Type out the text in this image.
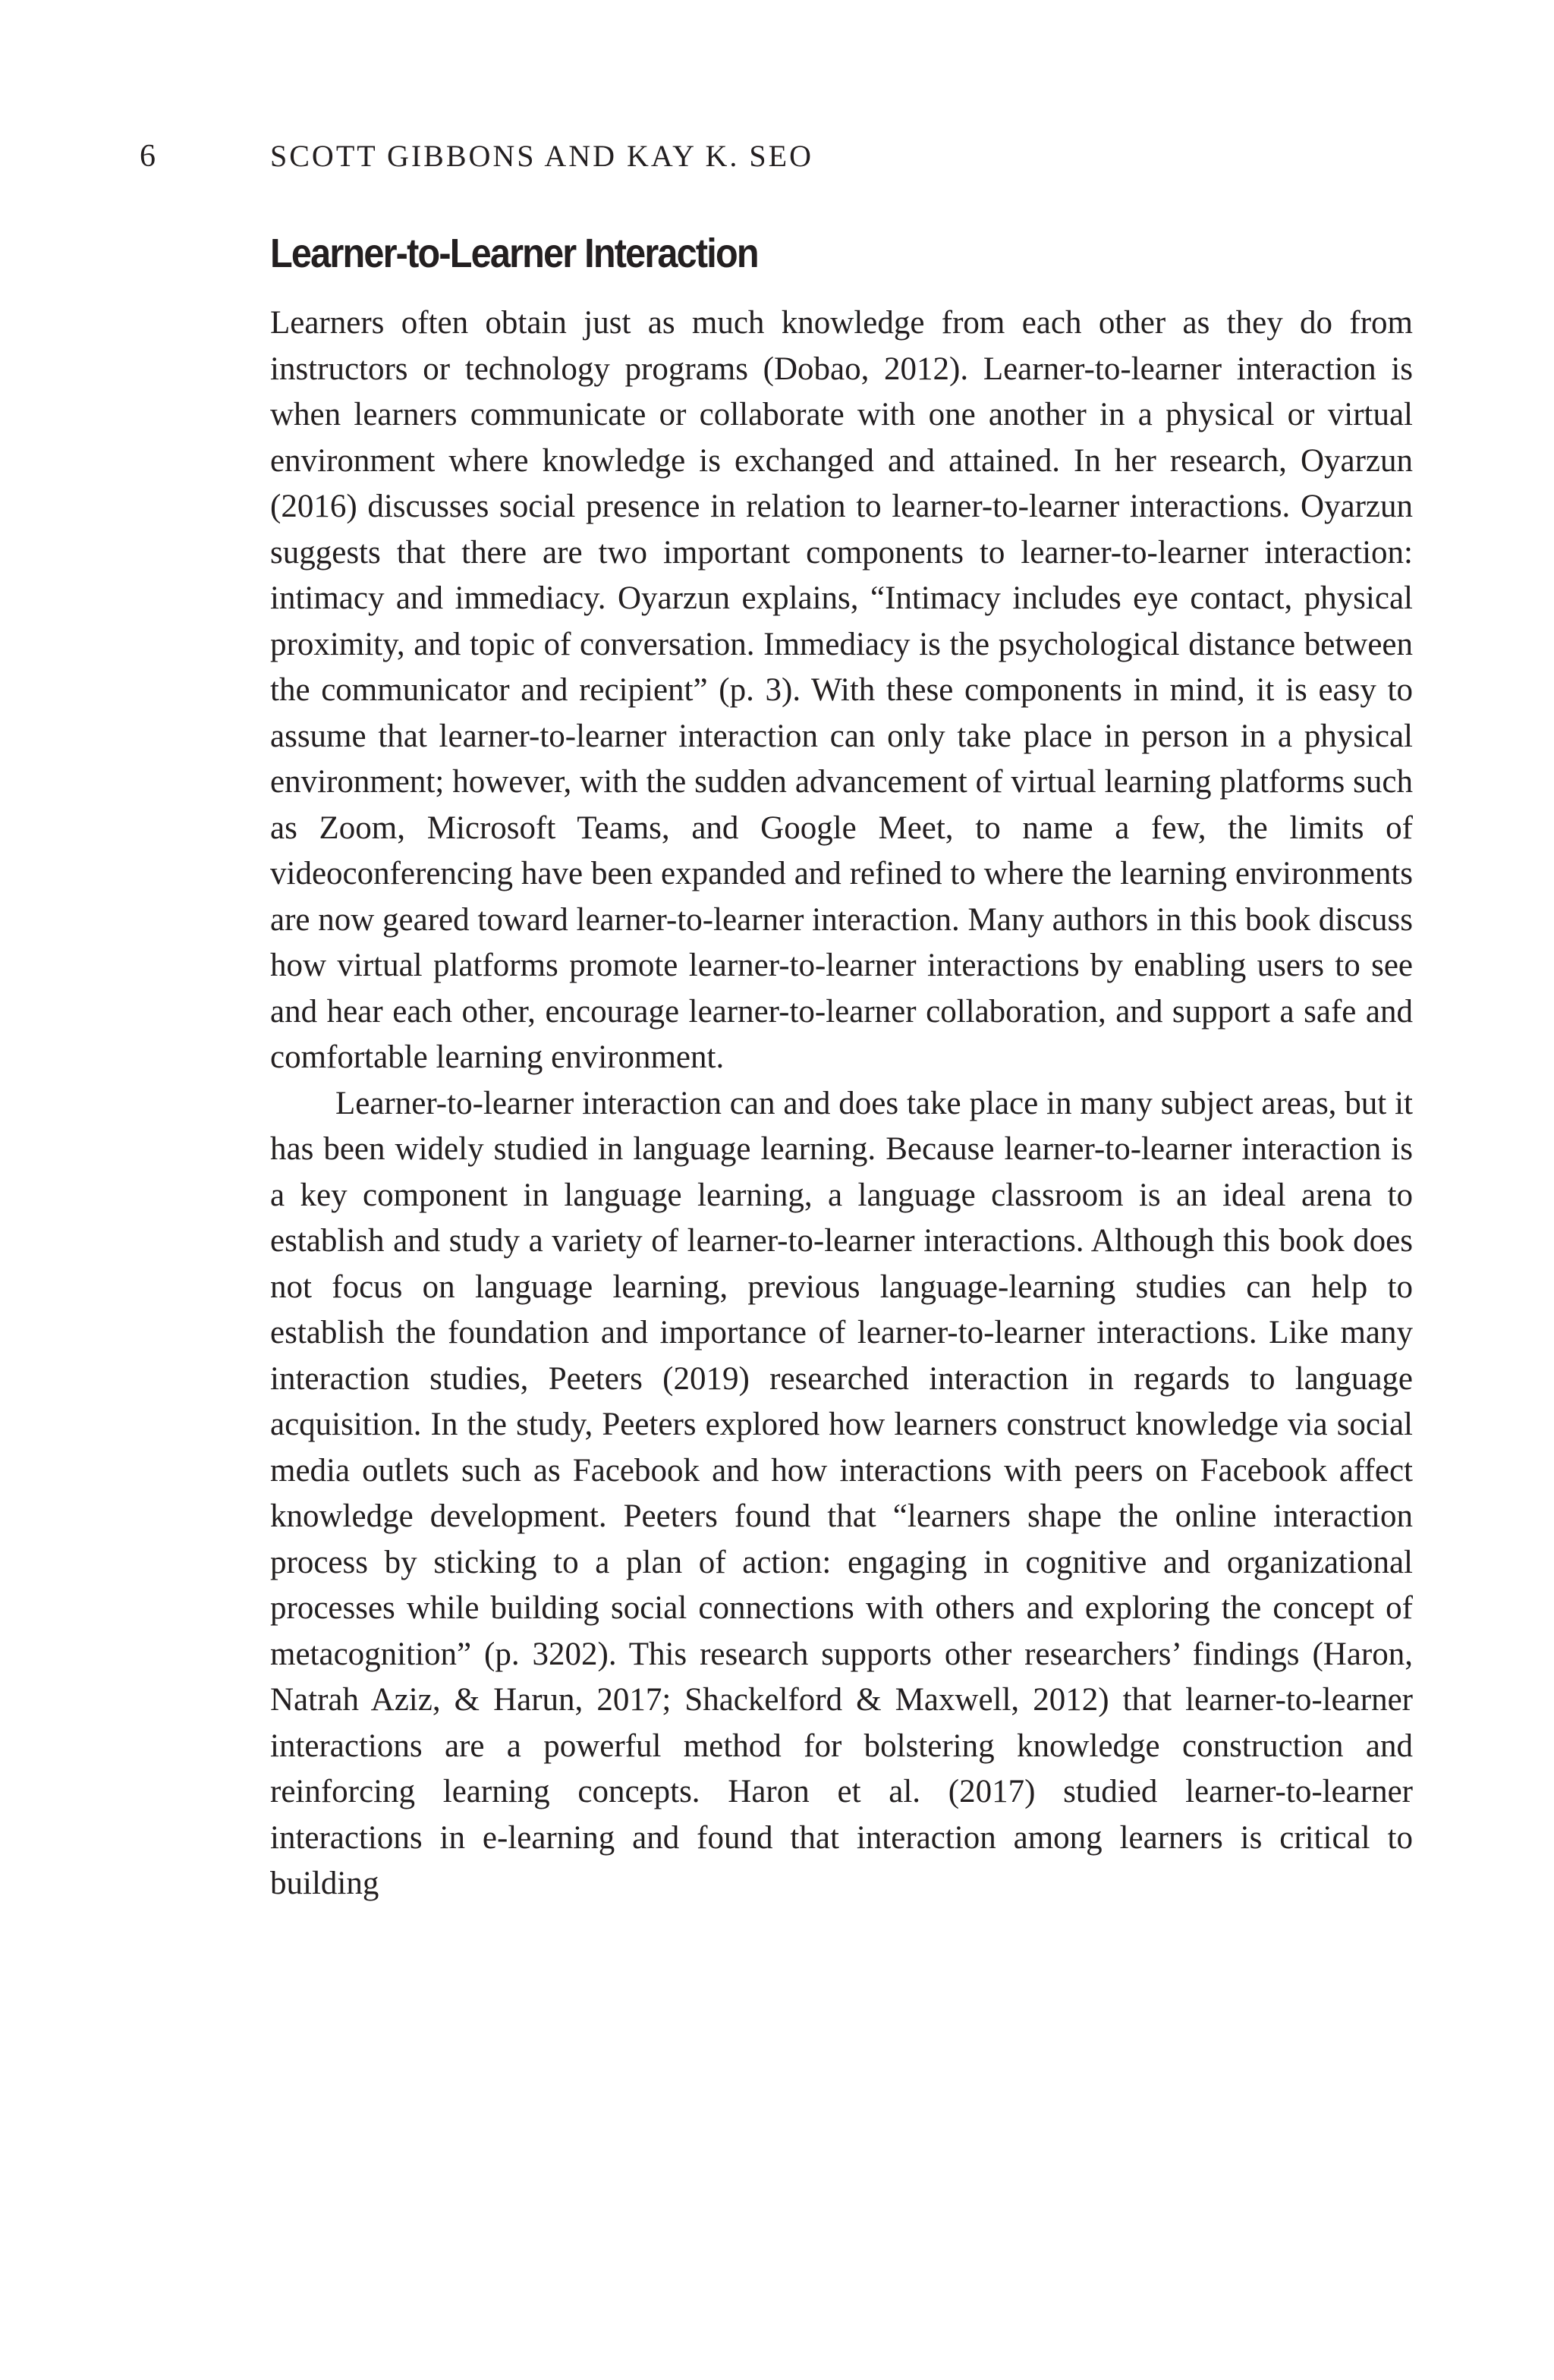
6	SCOTT GIBBONS AND KAY K. SEO
Learner-to-Learner Interaction

Learners often obtain just as much knowledge from each other as they do from instructors or technology programs (Dobao, 2012). Learner-to-learner interaction is when learners communicate or collaborate with one another in a physical or virtual environment where knowledge is exchanged and attained. In her research, Oyarzun (2016) discusses social presence in relation to learner-to-learner interactions. Oyarzun suggests that there are two important components to learner-to-learner interaction: intimacy and immediacy. Oyarzun explains, “Intimacy includes eye contact, physical proximity, and topic of conversation. Immediacy is the psychological distance between the communicator and recipient” (p. 3). With these components in mind, it is easy to assume that learner-to-learner interaction can only take place in person in a physical environment; however, with the sudden advancement of virtual learning platforms such as Zoom, Microsoft Teams, and Google Meet, to name a few, the limits of videoconferencing have been expanded and refined to where the learning environments are now geared toward learner-to-learner interaction. Many authors in this book discuss how virtual platforms promote learner-to-learner interactions by enabling users to see and hear each other, encourage learner-to-learner collaboration, and support a safe and comfortable learning environment.

Learner-to-learner interaction can and does take place in many subject areas, but it has been widely studied in language learning. Because learner-to-learner interaction is a key component in language learning, a language classroom is an ideal arena to establish and study a variety of learner-to-learner interactions. Although this book does not focus on language learning, previous language-learning studies can help to establish the foundation and importance of learner-to-learner interactions. Like many interaction studies, Peeters (2019) researched interaction in regards to language acquisition. In the study, Peeters explored how learners construct knowledge via social media outlets such as Facebook and how interactions with peers on Facebook affect knowledge development. Peeters found that “learners shape the online interaction process by sticking to a plan of action: engaging in cognitive and organizational processes while building social connections with others and exploring the concept of metacognition” (p. 3202). This research supports other researchers’ findings (Haron, Natrah Aziz, & Harun, 2017; Shackelford & Maxwell, 2012) that learner-to-learner interactions are a powerful method for bolstering knowledge construction and reinforcing learning concepts. Haron et al. (2017) studied learner-to-learner interactions in e-learning and found that interaction among learners is critical to building
